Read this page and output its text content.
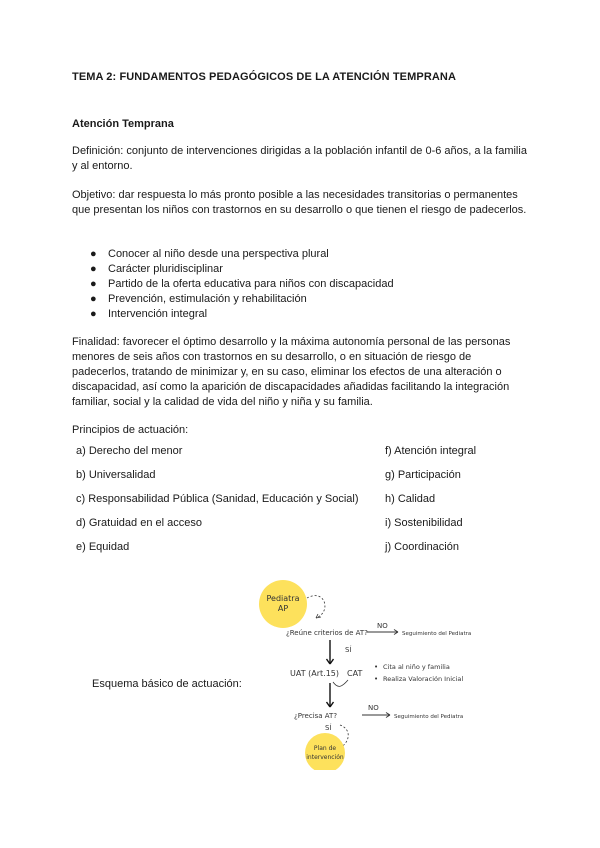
TEMA 2: FUNDAMENTOS PEDAGÓGICOS DE LA ATENCIÓN TEMPRANA
Atención Temprana
Definición: conjunto de intervenciones dirigidas a la población infantil de 0-6 años, a la familia y al entorno.
Objetivo: dar respuesta lo más pronto posible a las necesidades transitorias o permanentes que presentan los niños con trastornos en su desarrollo o que tienen el riesgo de padecerlos.
● Conocer al niño desde una perspectiva plural
● Carácter pluridisciplinar
● Partido de la oferta educativa para niños con discapacidad
● Prevención, estimulación y rehabilitación
● Intervención integral
Finalidad: favorecer el óptimo desarrollo y la máxima autonomía personal de las personas menores de seis años con trastornos en su desarrollo, o en situación de riesgo de padecerlos, tratando de minimizar y, en su caso, eliminar los efectos de una alteración o discapacidad, así como la aparición de discapacidades añadidas facilitando la integración familiar, social y la calidad de vida del niño y niña y su familia.
Principios de actuación:
a) Derecho del menor
b) Universalidad
c) Responsabilidad Pública (Sanidad, Educación y Social)
d) Gratuidad en el acceso
e) Equidad
f) Atención integral
g) Participación
h) Calidad
i) Sostenibilidad
j) Coordinación
Esquema básico de actuación:
Pediatra
AP
¿Reúne criterios de AT?
NO
Seguimiento del Pediatra
SÍ
UAT (Art.15) CAT
• Cita al niño y familia
• Realiza Valoración Inicial
¿Precisa AT?
NO
Seguimiento del Pediatra
SÍ
Plan de
intervención
